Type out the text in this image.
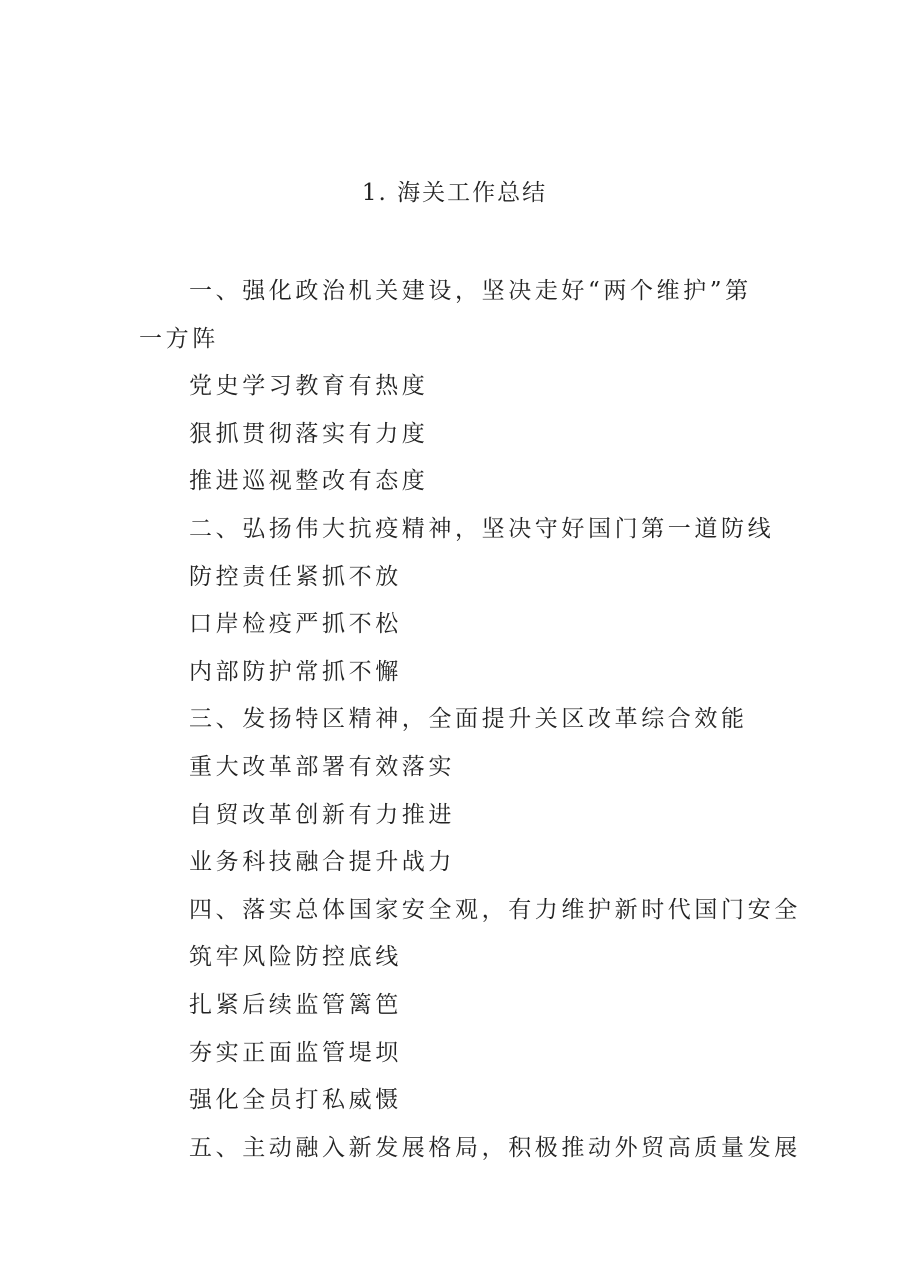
1. 海关工作总结
一、强化政治机关建设，坚决走好“两个维护”第一方阵
党史学习教育有热度
狠抓贯彻落实有力度
推进巡视整改有态度
二、弘扬伟大抗疫精神，坚决守好国门第一道防线
防控责任紧抓不放
口岸检疫严抓不松
内部防护常抓不懈
三、发扬特区精神，全面提升关区改革综合效能
重大改革部署有效落实
自贸改革创新有力推进
业务科技融合提升战力
四、落实总体国家安全观，有力维护新时代国门安全
筑牢风险防控底线
扎紧后续监管篱笆
夯实正面监管堤坝
强化全员打私威慑
五、主动融入新发展格局，积极推动外贸高质量发展
